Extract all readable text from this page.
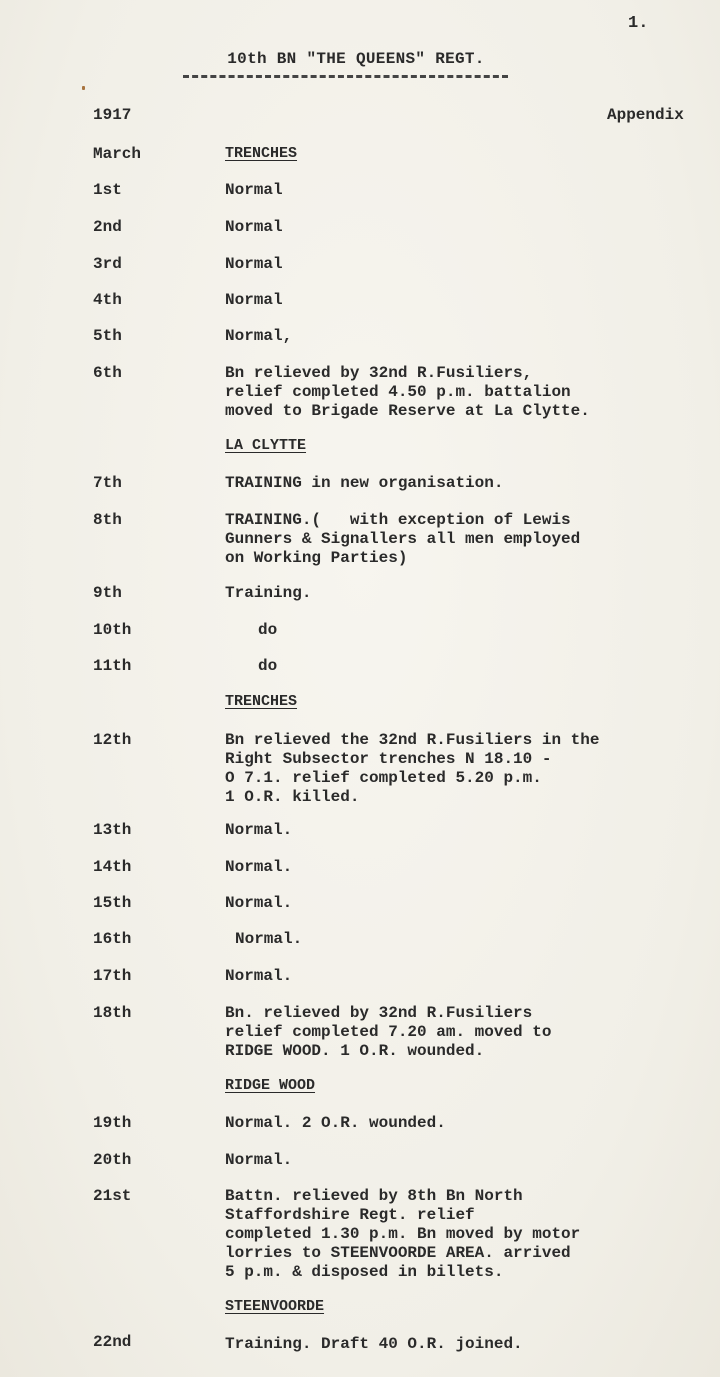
1.
10th BN "THE QUEENS" REGT.
1917	Appendix
March	TRENCHES
1st	Normal
2nd	Normal
3rd	Normal
4th	Normal
5th	Normal,
6th	Bn relieved by 32nd R.Fusiliers,
relief completed 4.50 p.m. battalion
moved to Brigade Reserve at La Clytte.
LA CLYTTE
7th	TRAINING in new organisation.
8th	TRAINING.(   with exception of Lewis
Gunners & Signallers all men employed
on Working Parties)
9th	Training.
10th	do
11th	do
TRENCHES
12th	Bn relieved the 32nd R.Fusiliers in the
Right Subsector trenches N 18.10 -
O 7.1. relief completed 5.20 p.m.
1 O.R. killed.
13th	Normal.
14th	Normal.
15th	Normal.
16th	Normal.
17th	Normal.
18th	Bn. relieved by 32nd R.Fusiliers
relief completed 7.20 am. moved to
RIDGE WOOD. 1 O.R. wounded.
RIDGE WOOD
19th	Normal. 2 O.R. wounded.
20th	Normal.
21st	Battn. relieved by 8th Bn North
Staffordshire Regt. relief
completed 1.30 p.m. Bn moved by motor
lorries to STEENVOORDE AREA. arrived
5 p.m. & disposed in billets.
STEENVOORDE
22nd	Training. Draft 40 O.R. joined.
